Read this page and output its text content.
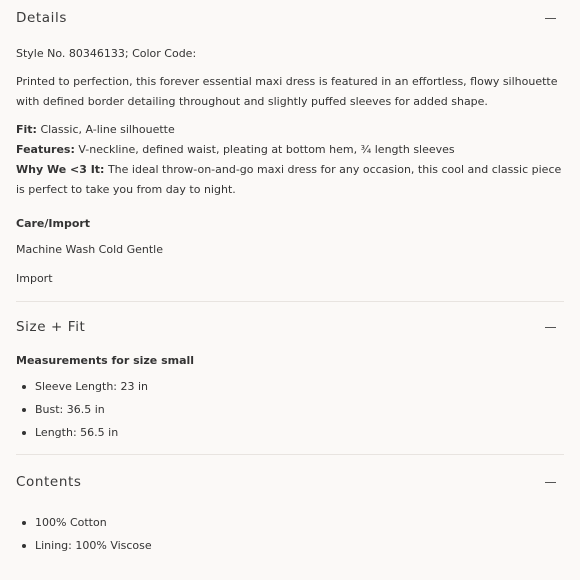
Details

Style No. 80346133; Color Code:

Printed to perfection, this forever essential maxi dress is featured in an effortless, flowy silhouette with defined border detailing throughout and slightly puffed sleeves for added shape.

Fit: Classic, A-line silhouette

Features: V-neckline, defined waist, pleating at bottom hem, ¾ length sleeves

Why We <3 It: The ideal throw-on-and-go maxi dress for any occasion, this cool and classic piece is perfect to take you from day to night.

Care/Import

Machine Wash Cold Gentle

Import

Size + Fit

Measurements for size small

Sleeve Length: 23 in
Bust: 36.5 in
Length: 56.5 in
Contents
100% Cotton
Lining: 100% Viscose
